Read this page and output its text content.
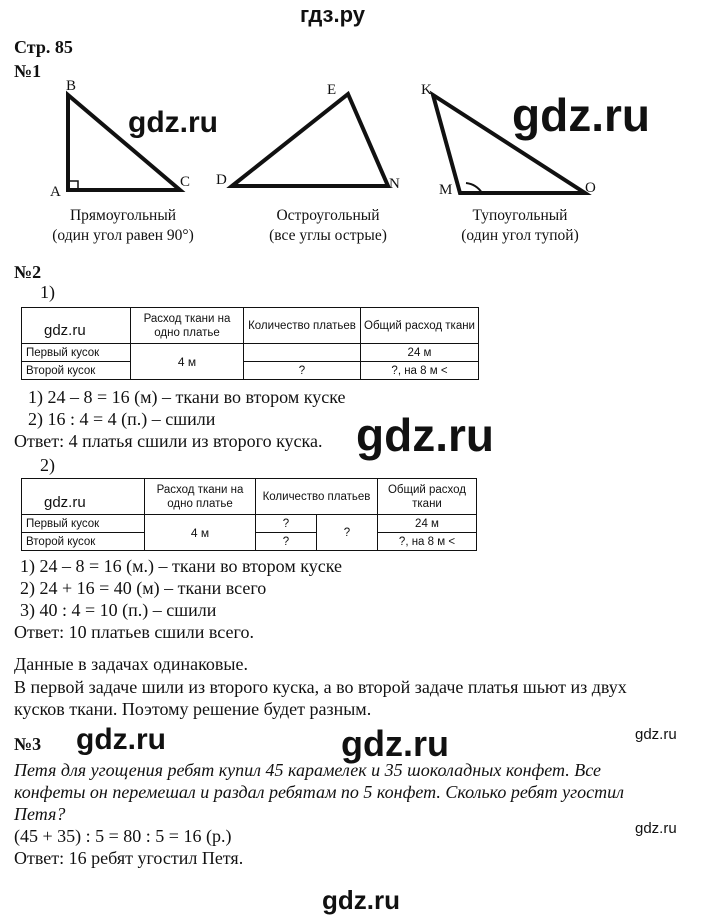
гдз.ру
Стр. 85
№1
B
A
C
E
D	N
K
M	O
Прямоугольный
(один угол равен 90°)
Остроугольный
(все углы острые)
Тупоугольный
(один угол тупой)
gdz.ru	gdz.ru
№2
1)
	Расход ткани на одно платье	Количество платьев	Общий расход ткани
Первый кусок	4 м		24 м
Второй кусок		?	?, на 8 м <
gdz.ru
1) 24 – 8 = 16 (м) – ткани во втором куске
2) 16 : 4 = 4 (п.) – сшили
Ответ: 4 платья сшили из второго куска. gdz.ru
2)
	Расход ткани на одно платье	Количество платьев		Общий расход ткани
Первый кусок	4 м	?	?	24 м
Второй кусок		?		?, на 8 м <
gdz.ru
1) 24 – 8 = 16 (м.) – ткани во втором куске
2) 24 + 16 = 40 (м) – ткани всего
3) 40 : 4 = 10 (п.) – сшили
Ответ: 10 платьев сшили всего.
Данные в задачах одинаковые.
В первой задаче шили из второго куска, а во второй задаче платья шьют из двух
кусков ткани. Поэтому решение будет разным.
№3 gdz.ru	gdz.ru	gdz.ru
Петя для угощения ребят купил 45 карамелек и 35 шоколадных конфет. Все
конфеты он перемешал и раздал ребятам по 5 конфет. Сколько ребят угостил
Петя?
(45 + 35) : 5 = 80 : 5 = 16 (р.)
Ответ: 16 ребят угостил Петя.
gdz.ru
gdz.ru
